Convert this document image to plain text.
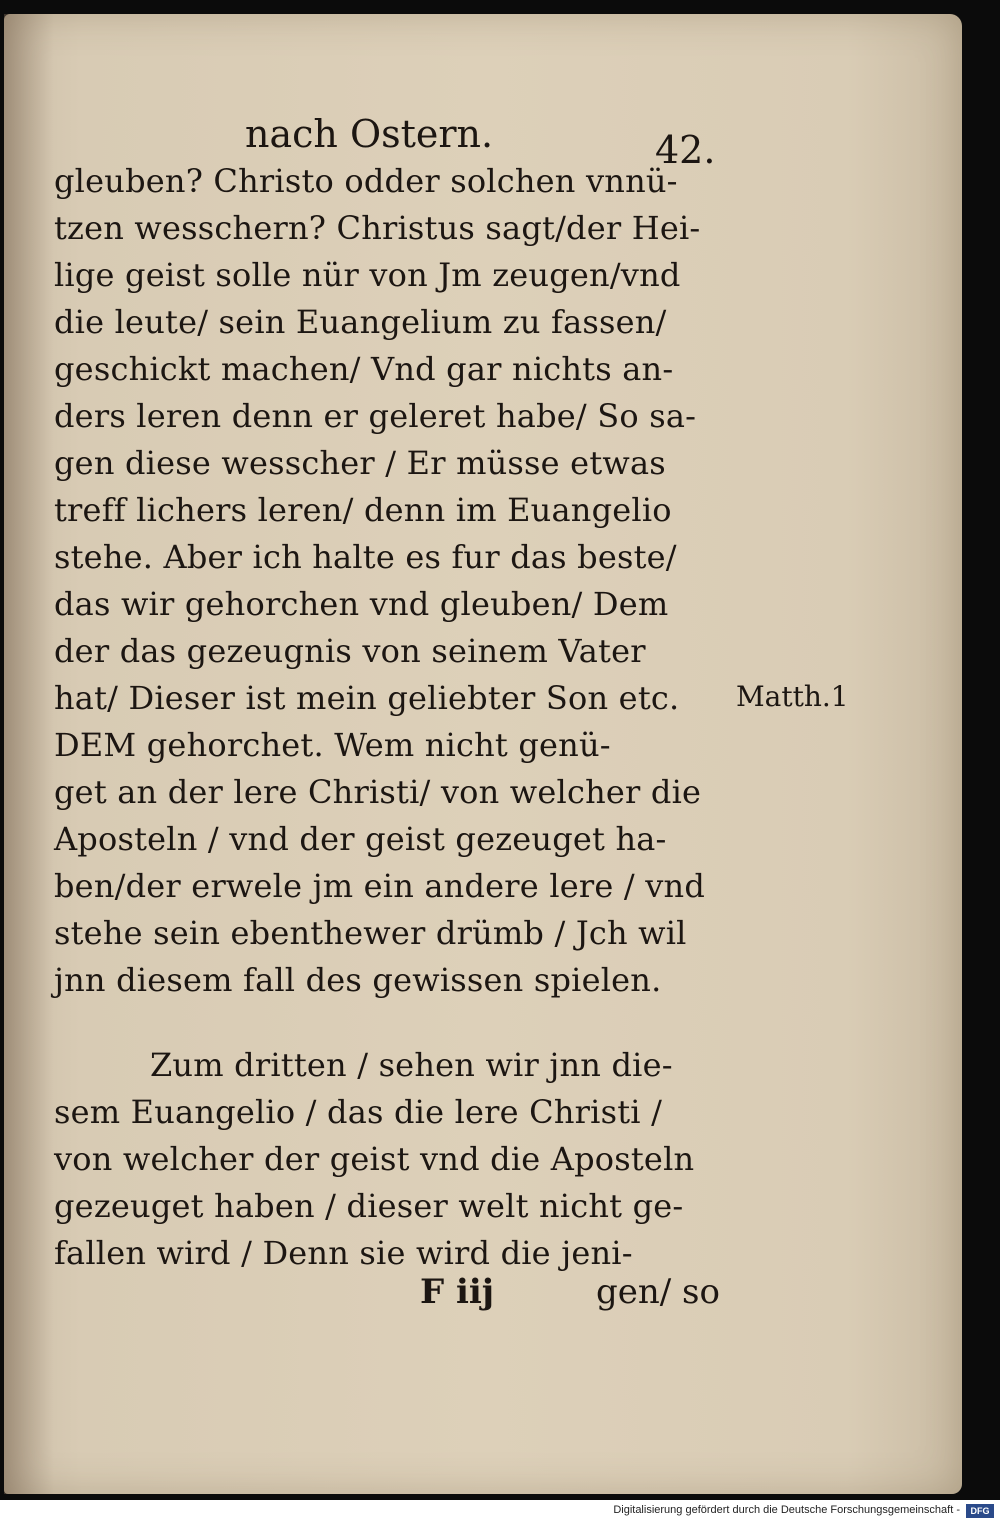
nach Ostern.	42.
gleuben? Christo odder solchen vnnü-
tzen wesschern? Christus sagt/der Hei-
lige geist solle nür von Jm zeugen/vnd
die leute/ sein Euangelium zu fassen/
geschickt machen/ Vnd gar nichts an-
ders leren denn er geleret habe/ So sa-
gen diese wesscher / Er müsse etwas
treff lichers leren/ denn im Euangelio
stehe. Aber ich halte es fur das beste/
das wir gehorchen vnd gleuben/ Dem
der das gezeugnis von seinem Vater
hat/ Dieser ist mein geliebter Son etc.
DEM gehorchet. Wem nicht genü-
get an der lere Christi/ von welcher die
Aposteln / vnd der geist gezeuget ha-
ben/der erwele jm ein andere lere / vnd
stehe sein ebenthewer drümb / Jch wil
jnn diesem fall des gewissen spielen.
Zum dritten / sehen wir jnn die-
sem Euangelio / das die lere Christi /
von welcher der geist vnd die Aposteln
gezeuget haben / dieser welt nicht ge-
fallen wird / Denn sie wird die jeni-
Matth.1
F iij	gen/ so
Digitalisierung gefördert durch die Deutsche Forschungsgemeinschaft -	DFG
